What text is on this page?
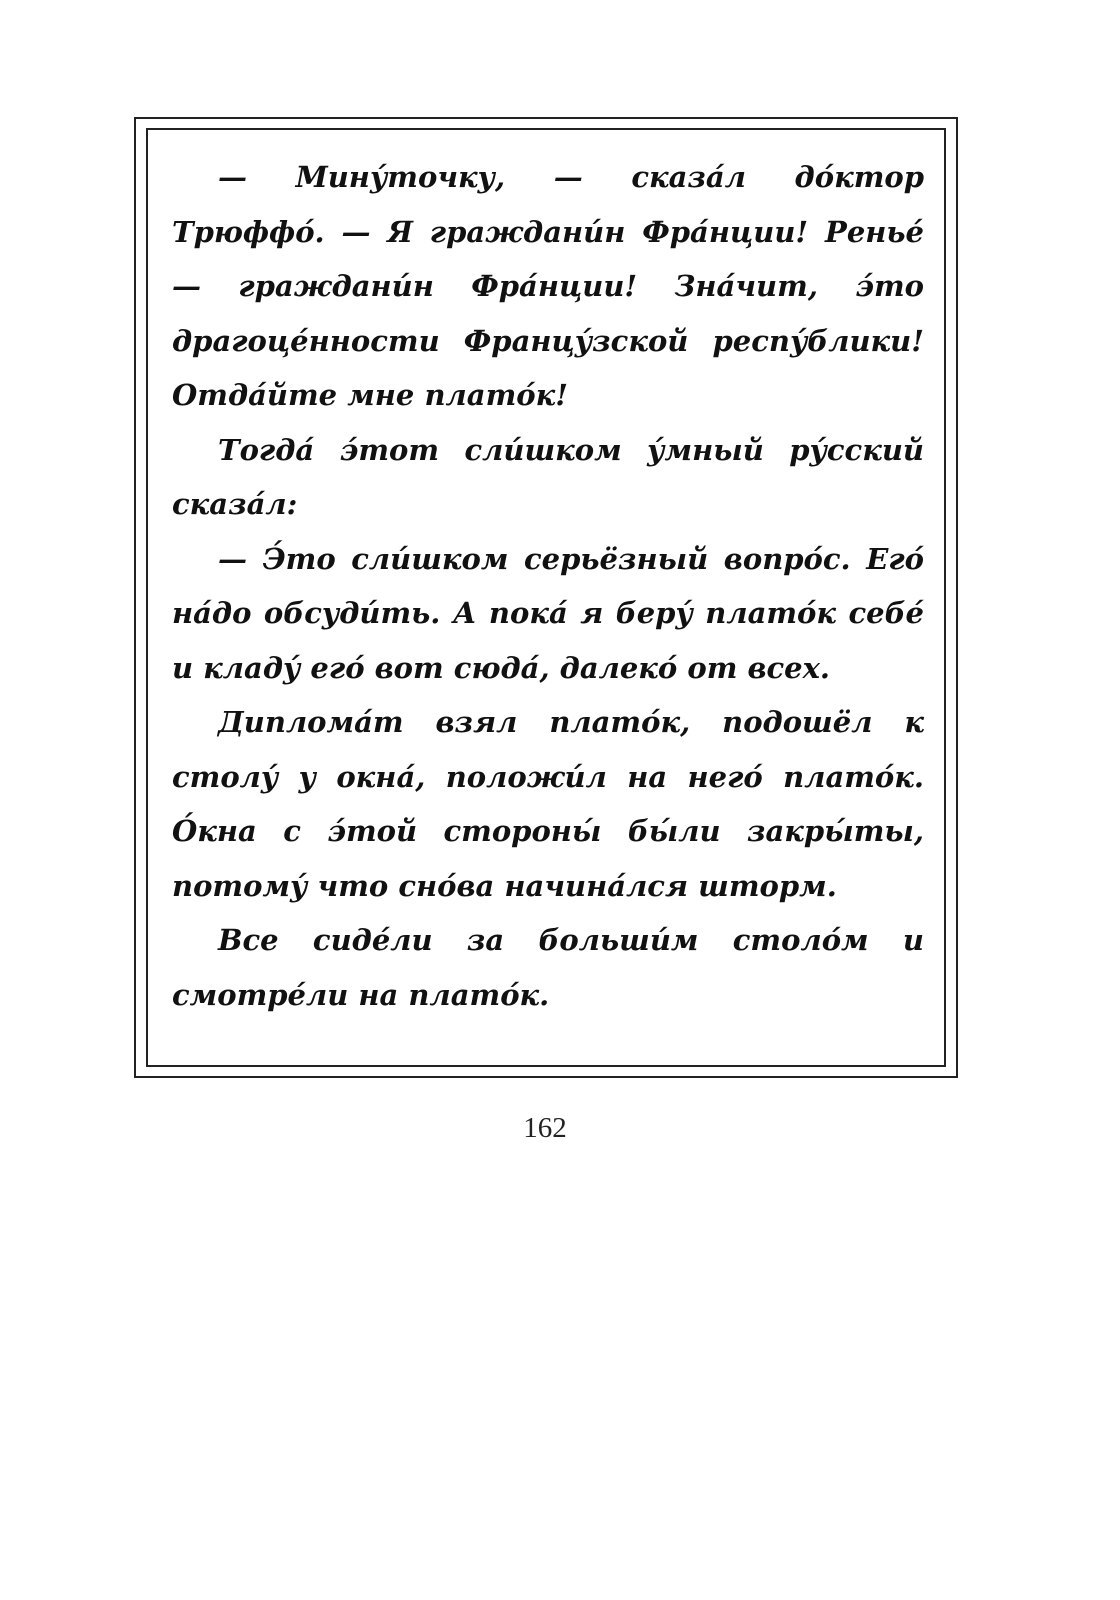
— Мину́точку, — сказа́л до́ктор Трюффо́. — Я граждани́н Фра́нции! Реньé — граждани́н Фра́нции! Зна́чит, э́то драгоце́нности Францу́зской респу́блики! Отда́йте мне плато́к!

Тогда́ э́тот сли́шком у́мный ру́сский сказа́л:

— Э́то сли́шком серьёзный вопро́с. Его́ на́до обсуди́ть. А пока́ я беру́ плато́к себе́ и кладу́ его́ вот сюда́, далеко́ от всех.

Диплома́т взял плато́к, подошёл к столу́ у окна́, положи́л на него́ плато́к. О́кна с э́той стороны́ бы́ли закры́ты, потому́ что сно́ва начина́лся шторм.

Все сиде́ли за больши́м столо́м и смотре́ли на плато́к.

162
